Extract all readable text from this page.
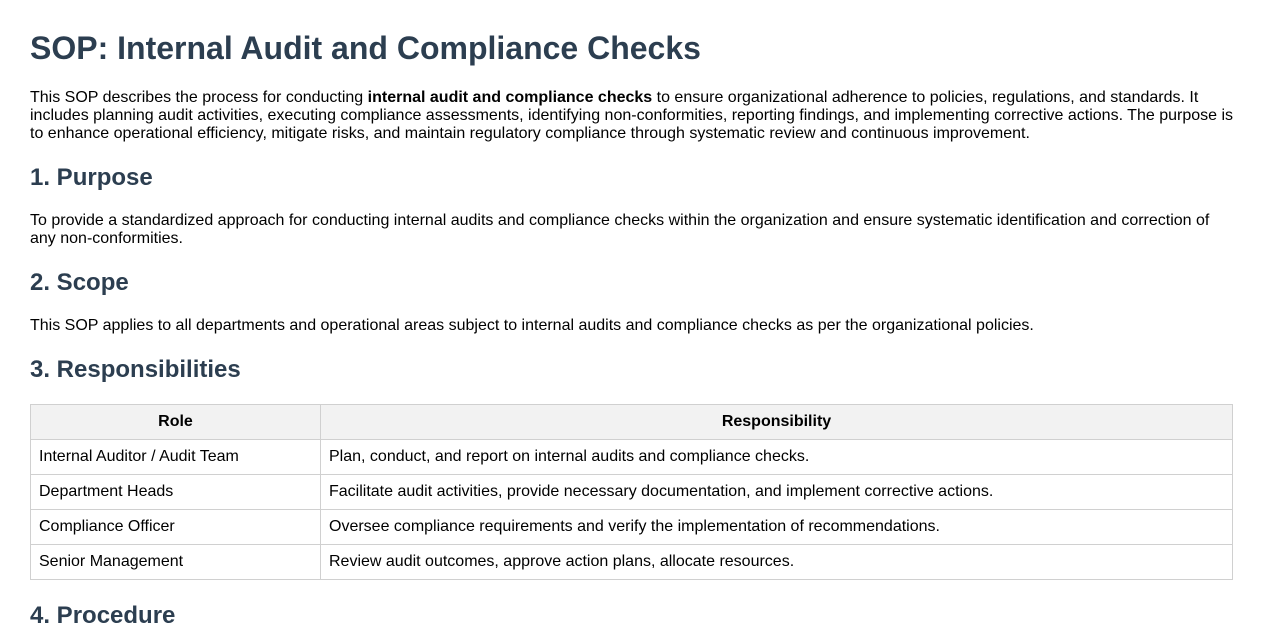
SOP: Internal Audit and Compliance Checks

This SOP describes the process for conducting internal audit and compliance checks to ensure organizational adherence to policies, regulations, and standards. It includes planning audit activities, executing compliance assessments, identifying non-conformities, reporting findings, and implementing corrective actions. The purpose is to enhance operational efficiency, mitigate risks, and maintain regulatory compliance through systematic review and continuous improvement.

1. Purpose

To provide a standardized approach for conducting internal audits and compliance checks within the organization and ensure systematic identification and correction of any non-conformities.

2. Scope

This SOP applies to all departments and operational areas subject to internal audits and compliance checks as per the organizational policies.

3. Responsibilities
Role	Responsibility
Internal Auditor / Audit Team	Plan, conduct, and report on internal audits and compliance checks.
Department Heads	Facilitate audit activities, provide necessary documentation, and implement corrective actions.
Compliance Officer	Oversee compliance requirements and verify the implementation of recommendations.
Senior Management	Review audit outcomes, approve action plans, allocate resources.
4. Procedure
